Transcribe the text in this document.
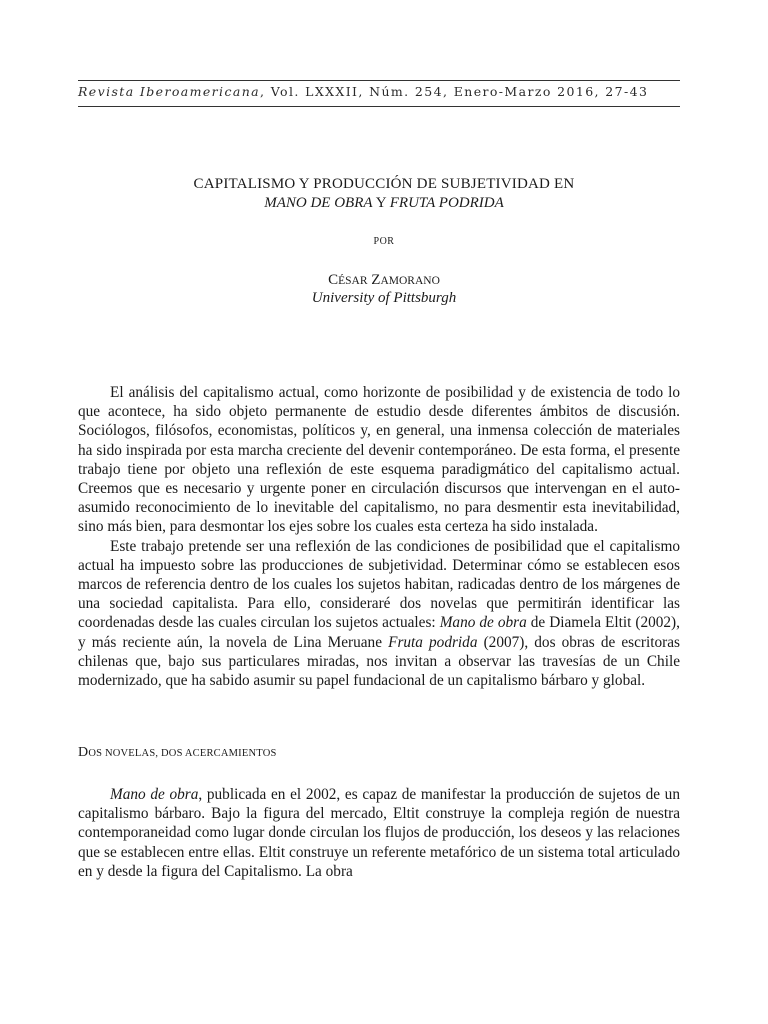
Revista Iberoamericana, Vol. LXXXII, Núm. 254, Enero-Marzo 2016, 27-43
CAPITALISMO Y PRODUCCIÓN DE SUBJETIVIDAD EN
MANO DE OBRA Y FRUTA PODRIDA
POR
CÉSAR ZAMORANO
University of Pittsburgh

El análisis del capitalismo actual, como horizonte de posibilidad y de existencia de todo lo que acontece, ha sido objeto permanente de estudio desde diferentes ámbitos de discusión. Sociólogos, filósofos, economistas, políticos y, en general, una inmensa colección de materiales ha sido inspirada por esta marcha creciente del devenir contemporáneo. De esta forma, el presente trabajo tiene por objeto una reflexión de este esquema paradigmático del capitalismo actual. Creemos que es necesario y urgente poner en circulación discursos que intervengan en el auto-asumido reconocimiento de lo inevitable del capitalismo, no para desmentir esta inevitabilidad, sino más bien, para desmontar los ejes sobre los cuales esta certeza ha sido instalada.

Este trabajo pretende ser una reflexión de las condiciones de posibilidad que el capitalismo actual ha impuesto sobre las producciones de subjetividad. Determinar cómo se establecen esos marcos de referencia dentro de los cuales los sujetos habitan, radicadas dentro de los márgenes de una sociedad capitalista. Para ello, consideraré dos novelas que permitirán identificar las coordenadas desde las cuales circulan los sujetos actuales: Mano de obra de Diamela Eltit (2002), y más reciente aún, la novela de Lina Meruane Fruta podrida (2007), dos obras de escritoras chilenas que, bajo sus particulares miradas, nos invitan a observar las travesías de un Chile modernizado, que ha sabido asumir su papel fundacional de un capitalismo bárbaro y global.

DOS NOVELAS, DOS ACERCAMIENTOS

Mano de obra, publicada en el 2002, es capaz de manifestar la producción de sujetos de un capitalismo bárbaro. Bajo la figura del mercado, Eltit construye la compleja región de nuestra contemporaneidad como lugar donde circulan los flujos de producción, los deseos y las relaciones que se establecen entre ellas. Eltit construye un referente metafórico de un sistema total articulado en y desde la figura del Capitalismo. La obra
